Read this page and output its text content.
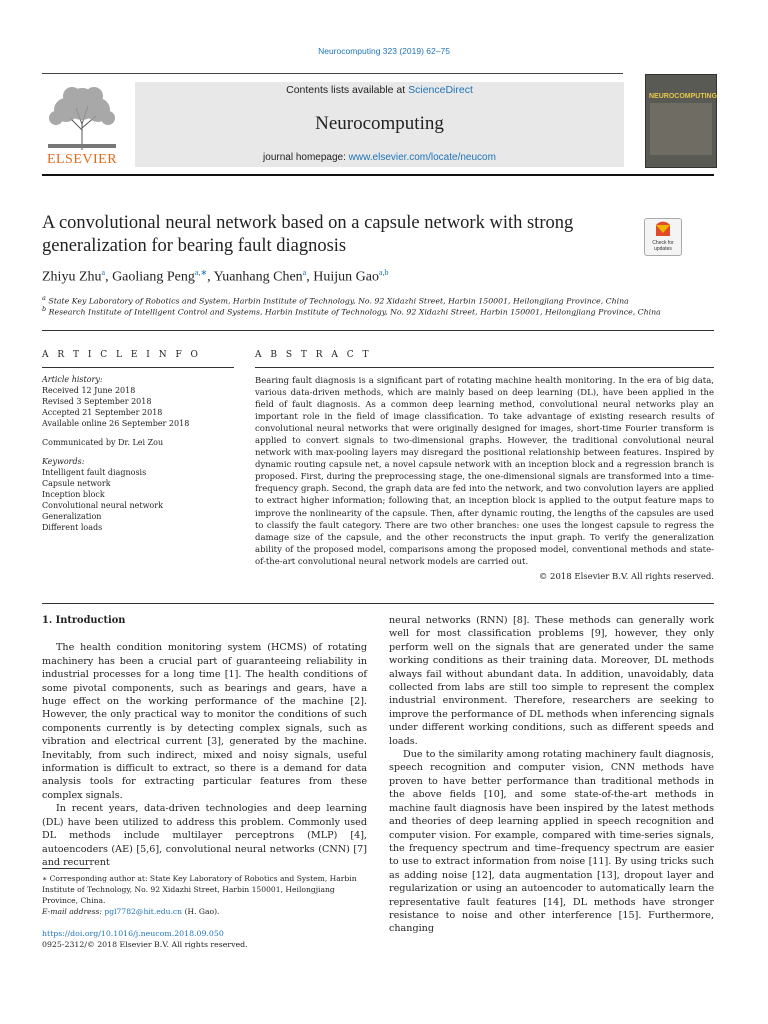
Neurocomputing 323 (2019) 62–75
ELSEVIER
Contents lists available at ScienceDirect
Neurocomputing
journal homepage: www.elsevier.com/locate/neucom
NEUROCOMPUTING
A convolutional neural network based on a capsule network with strong generalization for bearing fault diagnosis	Check for
updates
Zhiyu Zhu$^a$, Gaoliang Peng$^{a,∗}$, Yuanhang Chen$^a$, Huijun Gao$^{a,b}$
$^a$ State Key Laboratory of Robotics and System, Harbin Institute of Technology, No. 92 Xidazhi Street, Harbin 150001, Heilongjiang Province, China
$^b$ Research Institute of Intelligent Control and Systems, Harbin Institute of Technology, No. 92 Xidazhi Street, Harbin 150001, Heilongjiang Province, China
A R T I C L E I N F O	A B S T R A C T
Article history:
Received 12 June 2018
Revised 3 September 2018
Accepted 21 September 2018
Available online 26 September 2018
Communicated by Dr. Lei Zou
Keywords:
Intelligent fault diagnosis
Capsule network
Inception block
Convolutional neural network
Generalization
Different loads
Bearing fault diagnosis is a significant part of rotating machine health monitoring. In the era of big data, various data-driven methods, which are mainly based on deep learning (DL), have been applied in the field of fault diagnosis. As a common deep learning method, convolutional neural networks play an important role in the field of image classification. To take advantage of existing research results of convolutional neural networks that were originally designed for images, short-time Fourier transform is applied to convert signals to two-dimensional graphs. However, the traditional convolutional neural network with max-pooling layers may disregard the positional relationship between features. Inspired by dynamic routing capsule net, a novel capsule network with an inception block and a regression branch is proposed. First, during the preprocessing stage, the one-dimensional signals are transformed into a time-frequency graph. Second, the graph data are fed into the network, and two convolution layers are applied to extract higher information; following that, an inception block is applied to the output feature maps to improve the nonlinearity of the capsule. Then, after dynamic routing, the lengths of the capsules are used to classify the fault category. There are two other branches: one uses the longest capsule to regress the damage size of the capsule, and the other reconstructs the input graph. To verify the generalization ability of the proposed model, comparisons among the proposed model, conventional methods and state-of-the-art convolutional neural network models are carried out.
© 2018 Elsevier B.V. All rights reserved.

1. Introduction

The health condition monitoring system (HCMS) of rotating machinery has been a crucial part of guaranteeing reliability in industrial processes for a long time [1]. The health conditions of some pivotal components, such as bearings and gears, have a huge effect on the working performance of the machine [2]. However, the only practical way to monitor the conditions of such components currently is by detecting complex signals, such as vibration and electrical current [3], generated by the machine. Inevitably, from such indirect, mixed and noisy signals, useful information is difficult to extract, so there is a demand for data analysis tools for extracting particular features from these complex signals.

In recent years, data-driven technologies and deep learning (DL) have been utilized to address this problem. Commonly used DL methods include multilayer perceptrons (MLP) [4], autoencoders (AE) [5,6], convolutional neural networks (CNN) [7] and recurrent

neural networks (RNN) [8]. These methods can generally work well for most classification problems [9], however, they only perform well on the signals that are generated under the same working conditions as their training data. Moreover, DL methods always fail without abundant data. In addition, unavoidably, data collected from labs are still too simple to represent the complex industrial environment. Therefore, researchers are seeking to improve the performance of DL methods when inferencing signals under different working conditions, such as different speeds and loads.

Due to the similarity among rotating machinery fault diagnosis, speech recognition and computer vision, CNN methods have proven to have better performance than traditional methods in the above fields [10], and some state-of-the-art methods in machine fault diagnosis have been inspired by the latest methods and theories of deep learning applied in speech recognition and computer vision. For example, compared with time-series signals, the frequency spectrum and time–frequency spectrum are easier to use to extract information from noise [11]. By using tricks such as adding noise [12], data augmentation [13], dropout layer and regularization or using an autoencoder to automatically learn the representative fault features [14], DL methods have stronger resistance to noise and other interference [15]. Furthermore, changing

∗ Corresponding author at: State Key Laboratory of Robotics and System, Harbin Institute of Technology, No. 92 Xidazhi Street, Harbin 150001, Heilongjiang Province, China.
E-mail address: pgl7782@hit.edu.cn (H. Gao).
https://doi.org/10.1016/j.neucom.2018.09.050
0925-2312/© 2018 Elsevier B.V. All rights reserved.
